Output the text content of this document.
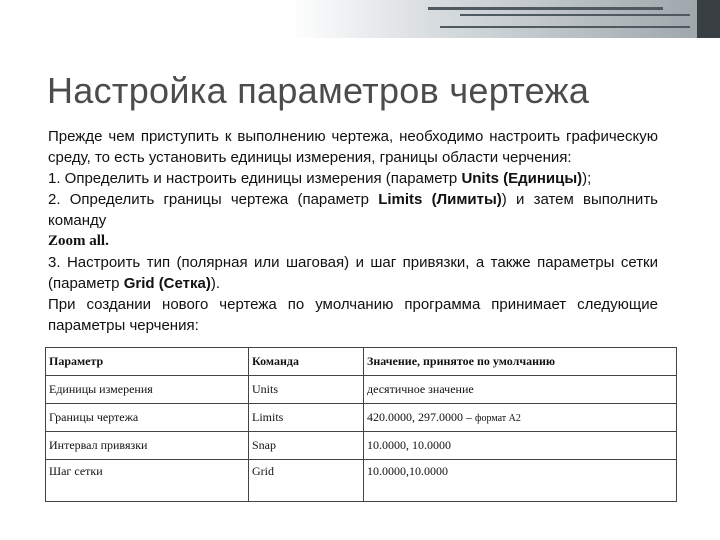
Настройка параметров чертежа

Прежде чем приступить к выполнению чертежа, необходимо настроить графическую среду, то есть установить единицы измерения, границы области черчения:

1. Определить и настроить единицы измерения (параметр Units (Единицы));

2. Определить границы чертежа (параметр Limits (Лимиты)) и затем выполнить команду

Zoom all.

3. Настроить тип (полярная или шаговая) и шаг привязки, а также параметры сетки (параметр Grid (Сетка)).

При создании нового чертежа по умолчанию программа принимает следующие параметры черчения:

Параметр	Команда	Значение, принятое по умолчанию
Единицы измерения	Units	десятичное значение
Границы чертежа	Limits	420.0000, 297.0000 – формат А2
Интервал привязки	Snap	10.0000, 10.0000
Шаг сетки	Grid	10.0000,10.0000
